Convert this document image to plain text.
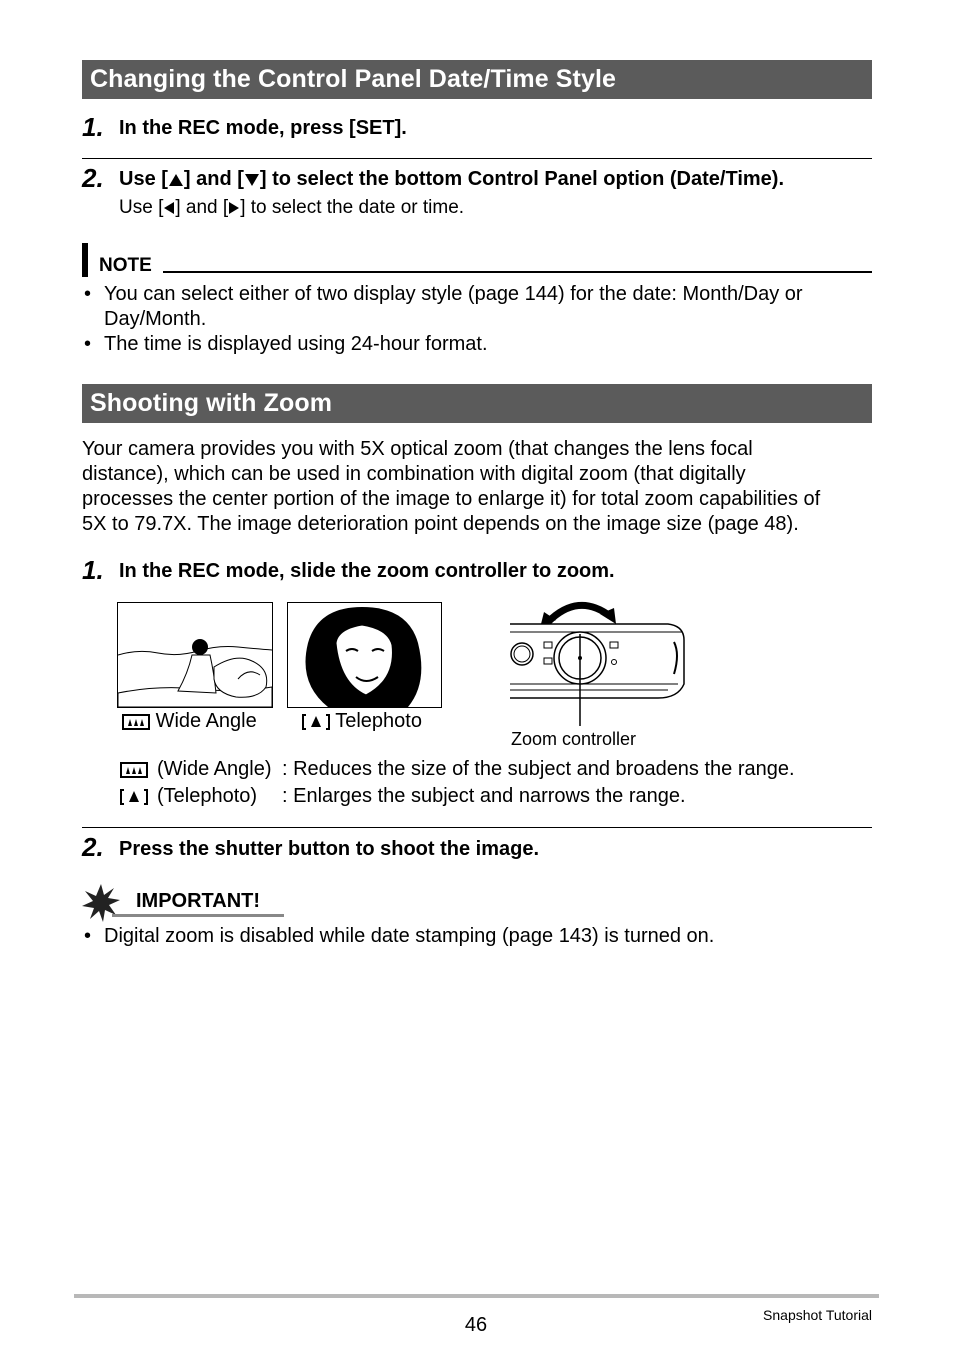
Changing the Control Panel Date/Time Style
1. In the REC mode, press [SET].
2. Use [ ] and [ ] to select the bottom Control Panel option (Date/Time).
Use [ ] and [ ] to select the date or time.
NOTE
• You can select either of two display style (page 144) for the date: Month/Day or
Day/Month.
• The time is displayed using 24-hour format.
Shooting with Zoom
Your camera provides you with 5X optical zoom (that changes the lens focal
distance), which can be used in combination with digital zoom (that digitally
processes the center portion of the image to enlarge it) for total zoom capabilities of
5X to 79.7X. The image deterioration point depends on the image size (page 48).
1. In the REC mode, slide the zoom controller to zoom.
Wide Angle	Telephoto
Zoom controller
(Wide Angle) : Reduces the size of the subject and broadens the range.
(Telephoto) : Enlarges the subject and narrows the range.
2. Press the shutter button to shoot the image.
IMPORTANT!
• Digital zoom is disabled while date stamping (page 143) is turned on.
46	Snapshot Tutorial
